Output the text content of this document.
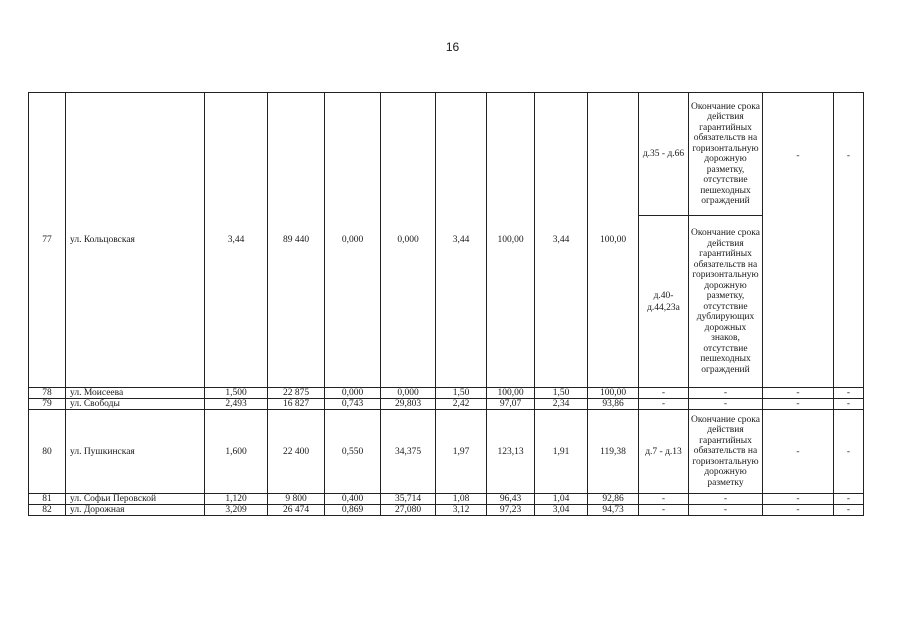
16
77	ул. Кольцовская	3,44	89 440	0,000	0,000	3,44	100,00	3,44	100,00	д.35 - д.66	Окончание срока действия гарантийных обязательств на горизонтальную дорожную разметку, отсутствие пешеходных ограждений	-	-
										д.40-д.44,23а	Окончание срока действия гарантийных обязательств на горизонтальную дорожную разметку, отсутствие дублирующих дорожных знаков, отсутствие пешеходных ограждений		
78	ул. Моисеева	1,500	22 875	0,000	0,000	1,50	100,00	1,50	100,00	-	-	-	-
79	ул. Свободы	2,493	16 827	0,743	29,803	2,42	97,07	2,34	93,86	-	-	-	-
80	ул. Пушкинская	1,600	22 400	0,550	34,375	1,97	123,13	1,91	119,38	д.7 - д.13	Окончание срока действия гарантийных обязательств на горизонтальную дорожную разметку	-	-
81	ул. Софьи Перовской	1,120	9 800	0,400	35,714	1,08	96,43	1,04	92,86	-	-	-	-
82	ул. Дорожная	3,209	26 474	0,869	27,080	3,12	97,23	3,04	94,73	-	-	-	-
